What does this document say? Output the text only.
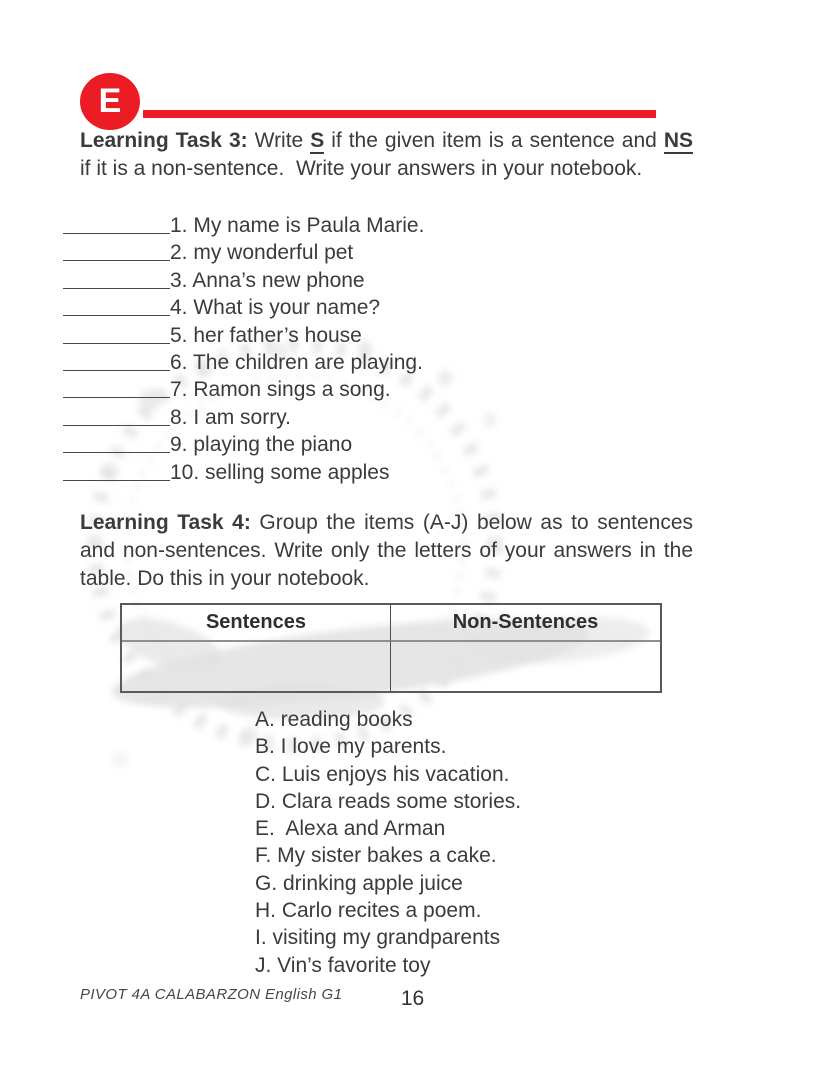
E
Learning Task 3: Write S if the given item is a sentence and NS if it is a non-sentence.  Write your answers in your notebook.
1. My name is Paula Marie.
2. my wonderful pet
3. Anna’s new phone
4. What is your name?
5. her father’s house
6. The children are playing.
7. Ramon sings a song.
8. I am sorry.
9. playing the piano
10. selling some apples
Learning Task 4: Group the items (A-J) below as to sentences and non-sentences. Write only the letters of your answers in the table. Do this in your notebook.
Sentences	Non-Sentences
A. reading books
B. I love my parents.
C. Luis enjoys his vacation.
D. Clara reads some stories.
E.  Alexa and Arman
F. My sister bakes a cake.
G. drinking apple juice
H. Carlo recites a poem.
I. visiting my grandparents
J. Vin’s favorite toy
PIVOT 4A CALABARZON English G1	16
